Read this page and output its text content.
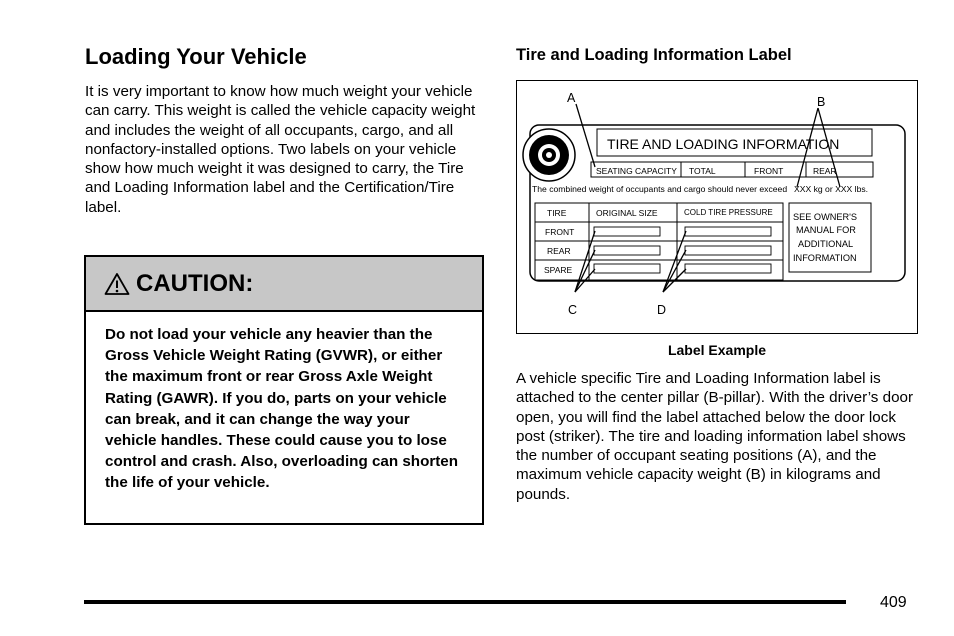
Loading Your Vehicle

It is very important to know how much weight your vehicle can carry. This weight is called the vehicle capacity weight and includes the weight of all occupants, cargo, and all nonfactory-installed options. Two labels on your vehicle show how much weight it was designed to carry, the Tire and Loading Information label and the Certification/Tire label.

CAUTION:
Do not load your vehicle any heavier than the Gross Vehicle Weight Rating (GVWR), or either the maximum front or rear Gross Axle Weight Rating (GAWR). If you do, parts on your vehicle can break, and it can change the way your vehicle handles. These could cause you to lose control and crash. Also, overloading can shorten the life of your vehicle.
Tire and Loading Information Label
TIRE AND LOADING INFORMATION
SEATING CAPACITY TOTAL	FRONT	REAR
The combined weight of occupants and cargo should never exceed XXX kg or XXX lbs.
TIRE	ORIGINAL SIZE	COLD TIRE PRESSURE
FRONT
REAR
SPARE
SEE OWNER'S
MANUAL FOR
ADDITIONAL
INFORMATION
A	B
C	D
Label Example

A vehicle specific Tire and Loading Information label is attached to the center pillar (B-pillar). With the driver’s door open, you will find the label attached below the door lock post (striker). The tire and loading information label shows the number of occupant seating positions (A), and the maximum vehicle capacity weight (B) in kilograms and pounds.

409
